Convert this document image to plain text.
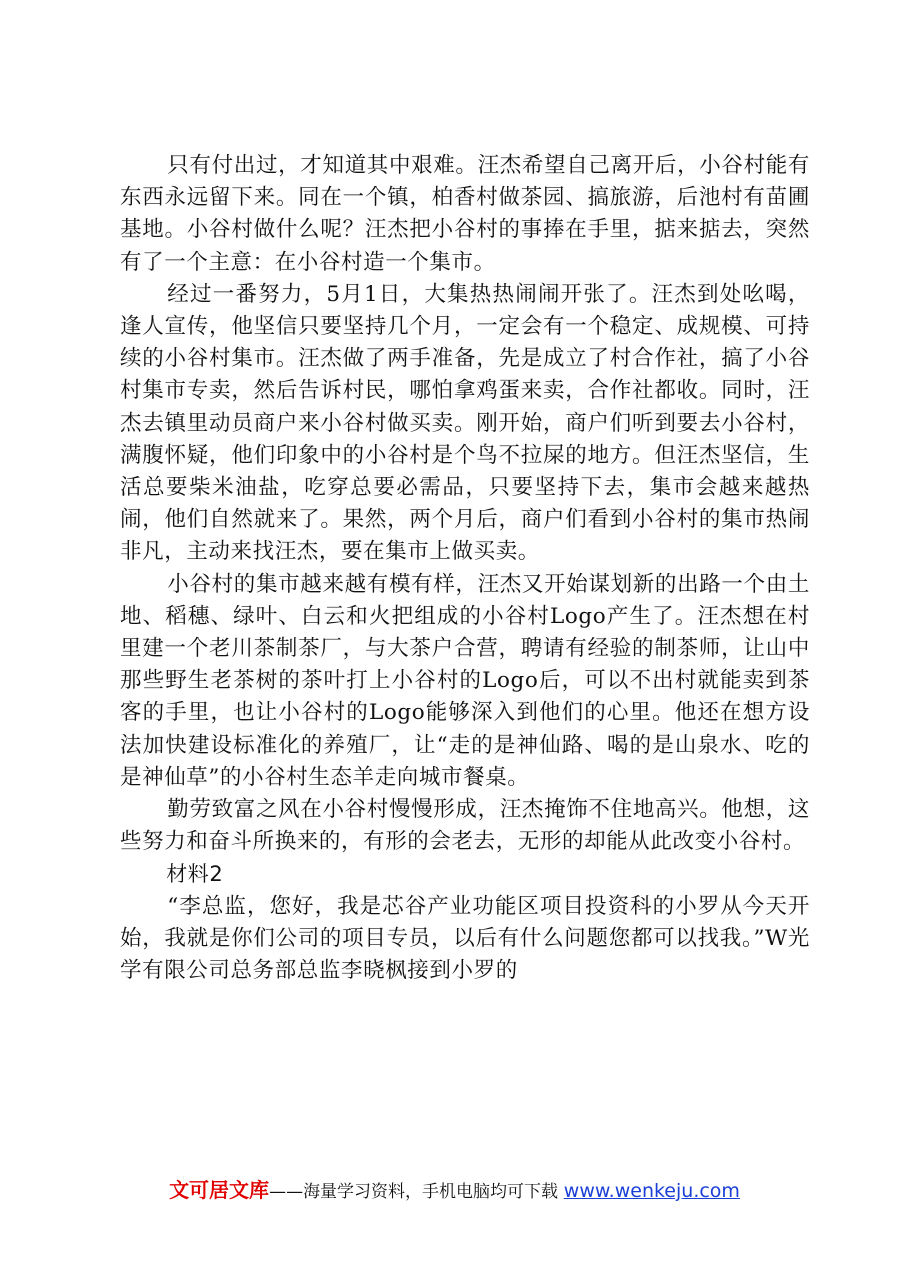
只有付出过，才知道其中艰难。汪杰希望自己离开后，小谷村能有东西永远留下来。同在一个镇，柏香村做茶园、搞旅游，后池村有苗圃基地。小谷村做什么呢？汪杰把小谷村的事捧在手里，掂来掂去，突然有了一个主意：在小谷村造一个集市。

经过一番努力，5月1日，大集热热闹闹开张了。汪杰到处吆喝，逢人宣传，他坚信只要坚持几个月，一定会有一个稳定、成规模、可持续的小谷村集市。汪杰做了两手准备，先是成立了村合作社，搞了小谷村集市专卖，然后告诉村民，哪怕拿鸡蛋来卖，合作社都收。同时，汪杰去镇里动员商户来小谷村做买卖。刚开始，商户们听到要去小谷村，满腹怀疑，他们印象中的小谷村是个鸟不拉屎的地方。但汪杰坚信，生活总要柴米油盐，吃穿总要必需品，只要坚持下去，集市会越来越热闹，他们自然就来了。果然，两个月后，商户们看到小谷村的集市热闹非凡，主动来找汪杰，要在集市上做买卖。

小谷村的集市越来越有模有样，汪杰又开始谋划新的出路一个由土地、稻穗、绿叶、白云和火把组成的小谷村Logo产生了。汪杰想在村里建一个老川茶制茶厂，与大茶户合营，聘请有经验的制茶师，让山中那些野生老茶树的茶叶打上小谷村的Logo后，可以不出村就能卖到茶客的手里，也让小谷村的Logo能够深入到他们的心里。他还在想方设法加快建设标准化的养殖厂，让“走的是神仙路、喝的是山泉水、吃的是神仙草”的小谷村生态羊走向城市餐桌。

勤劳致富之风在小谷村慢慢形成，汪杰掩饰不住地高兴。他想，这些努力和奋斗所换来的，有形的会老去，无形的却能从此改变小谷村。

材料2

“李总监，您好，我是芯谷产业功能区项目投资科的小罗从今天开始，我就是你们公司的项目专员，以后有什么问题您都可以找我。”W光学有限公司总务部总监李晓枫接到小罗的

文可居文库——海量学习资料，手机电脑均可下载 www.wenkeju.com
